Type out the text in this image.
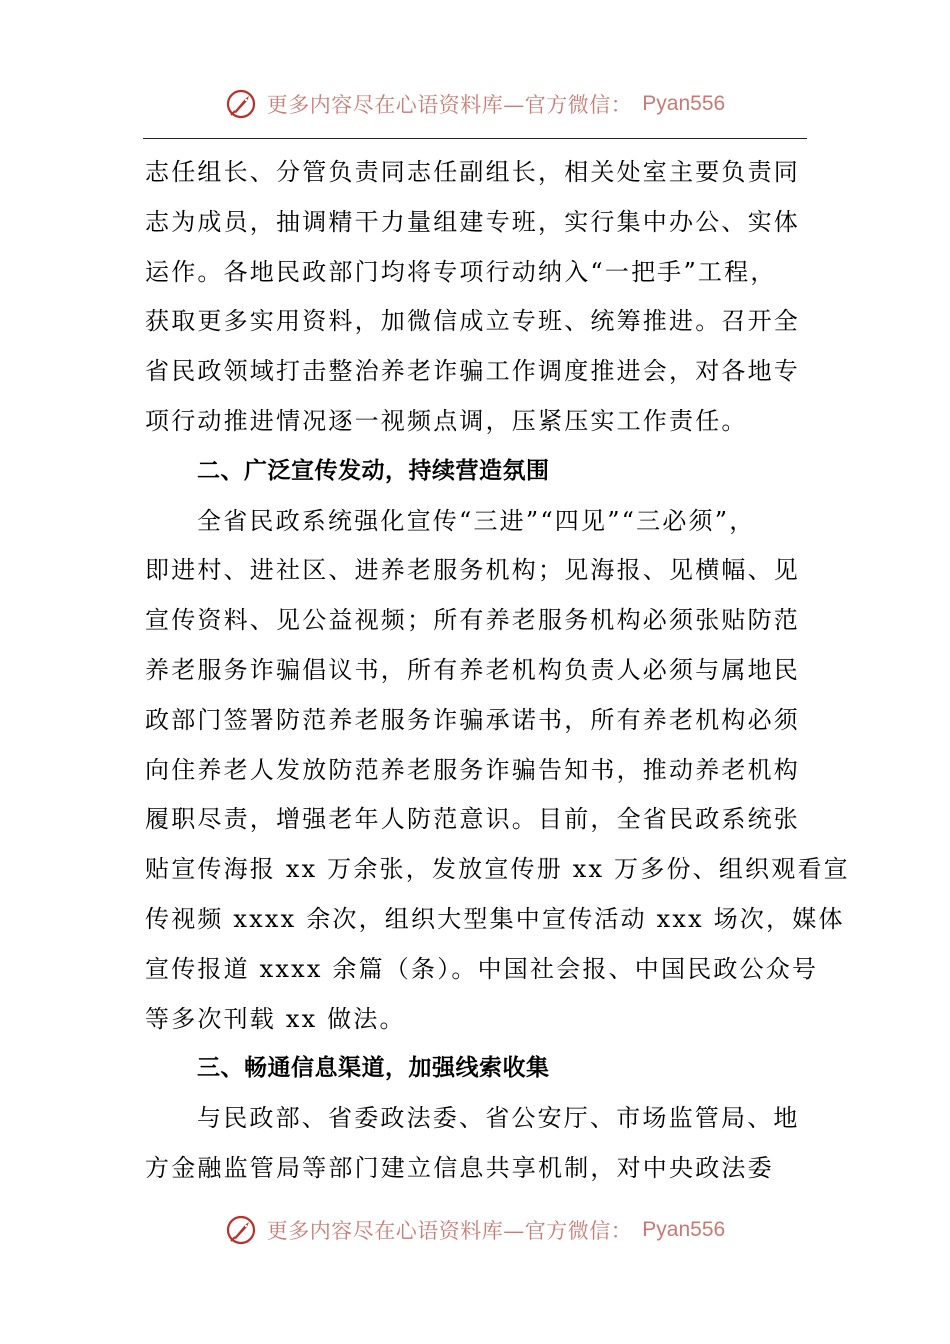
更多内容尽在心语资料库—官方微信： Pyan556

志任组长、分管负责同志任副组长，相关处室主要负责同

志为成员，抽调精干力量组建专班，实行集中办公、实体

运作。各地民政部门均将专项行动纳入“一把手”工程，

获取更多实用资料，加微信成立专班、统筹推进。召开全

省民政领域打击整治养老诈骗工作调度推进会，对各地专

项行动推进情况逐一视频点调，压紧压实工作责任。

二、广泛宣传发动，持续营造氛围

全省民政系统强化宣传“三进”“四见”“三必须”，

即进村、进社区、进养老服务机构；见海报、见横幅、见

宣传资料、见公益视频；所有养老服务机构必须张贴防范

养老服务诈骗倡议书，所有养老机构负责人必须与属地民

政部门签署防范养老服务诈骗承诺书，所有养老机构必须

向住养老人发放防范养老服务诈骗告知书，推动养老机构

履职尽责，增强老年人防范意识。目前，全省民政系统张

贴宣传海报 xx 万余张，发放宣传册 xx 万多份、组织观看宣

传视频 xxxx 余次，组织大型集中宣传活动 xxx 场次，媒体

宣传报道 xxxx 余篇（条）。中国社会报、中国民政公众号

等多次刊载 xx 做法。

三、畅通信息渠道，加强线索收集

与民政部、省委政法委、省公安厅、市场监管局、地

方金融监管局等部门建立信息共享机制，对中央政法委

更多内容尽在心语资料库—官方微信： Pyan556
